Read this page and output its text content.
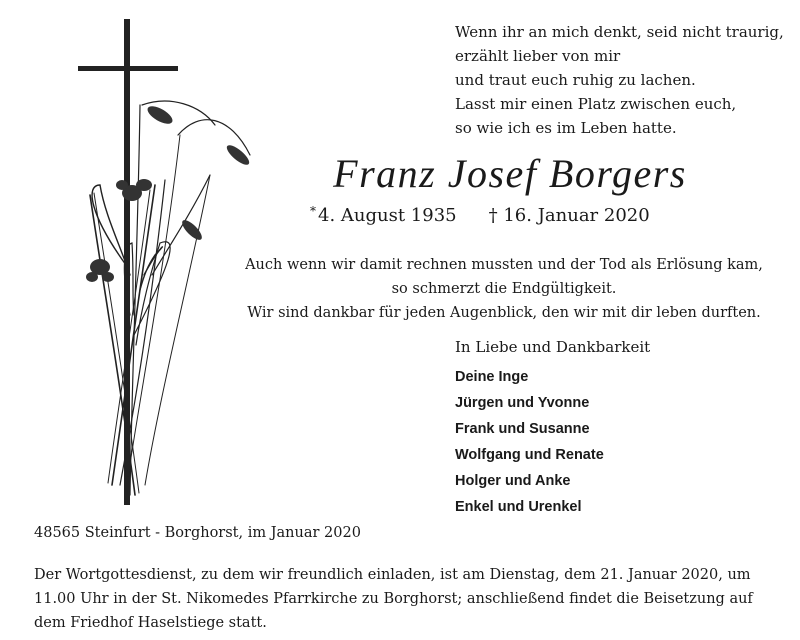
Wenn ihr an mich denkt, seid nicht traurig,
erzählt lieber von mir
und traut euch ruhig zu lachen.
Lasst mir einen Platz zwischen euch,
so wie ich es im Leben hatte.
Franz Josef Borgers
* 4. August 1935 † 16. Januar 2020
Auch wenn wir damit rechnen mussten und der Tod als Erlösung kam,
so schmerzt die Endgültigkeit.
Wir sind dankbar für jeden Augenblick, den wir mit dir leben durften.
In Liebe und Dankbarkeit
Deine Inge
Jürgen und Yvonne
Frank und Susanne
Wolfgang und Renate
Holger und Anke
Enkel und Urenkel
48565 Steinfurt - Borghorst, im Januar 2020
Der Wortgottesdienst, zu dem wir freundlich einladen, ist am Dienstag, dem 21. Januar 2020, um
11.00 Uhr in der St. Nikomedes Pfarrkirche zu Borghorst; anschließend findet die Beisetzung auf
dem Friedhof Haselstiege statt.
